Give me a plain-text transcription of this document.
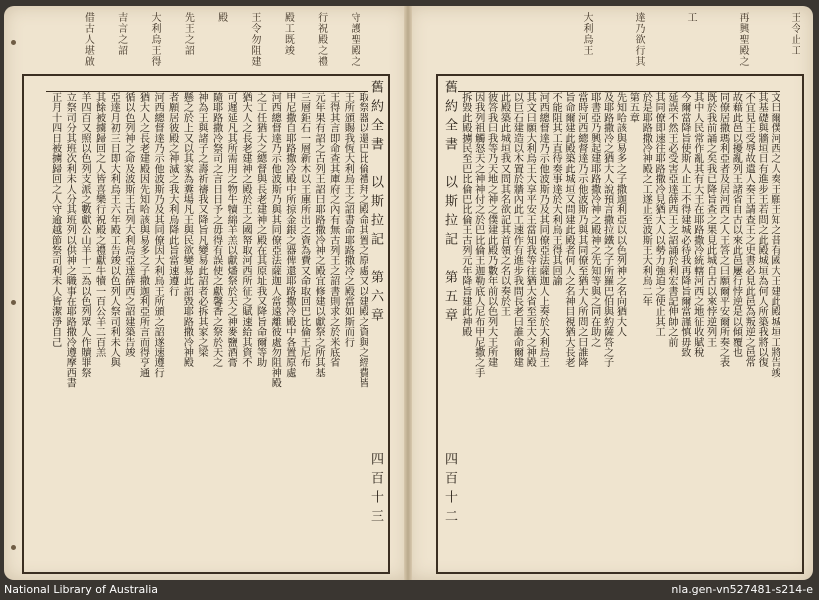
守護聖殿之
行祝殿之禮
殿工既竣
王令勿阻建
殿
先王之詔
大利烏王得
吉言之詔
借古人堪啟
取祭器以還巴比倫禮拜之殿命其置之原處又以建殿之資與之經費皆
王所頒賜我恆大利烏王之詔書命耶路撒冷之殿當如斯而行
王得其言即命查其庫府之內有無古列王之詔書則求之於米底省
元年果有詔之古列王詔曰耶路撒冷神之殿宜修建以獻祭之所其基
三層鉅石一層新木以王庫所出之資為費又命取回巴比倫王尼布
甲尼撒自耶路撒冷殿中所掠金銀之器俾還耶路撒冷殿中各置原處
河西總督達乃示他波斯乃與其同僚亞法薩迦人當遠離彼處勿阻神殿
之工任猶大之總督與長老建神之殿在其原址我又降旨命爾等助
猶大人之長老建神之殿於王之國帑取河西所征之賦速給其資不
可遲延凡其所需用之物牛犢綿羊羔以獻燔祭於天之神麥鹽酒膏
隨耶路撒冷祭司之言日日予之毋得有誤使之獻馨香之祭於天之
神為王與諸子之壽祈禱我又降旨凡變易此詔者必拆其家之梁
懸之於上又以其家為糞場凡王與民欲變易此詔毀耶路撒冷神殿
者願居彼殿之神滅之我大利烏降此旨當速遵行
河西總督達乃示他波斯乃及其同僚因大利烏王所頒之詔遂速遵行
猶大人之長老建殿因先知哈該與易多之子撒迦利亞所言而得亨通
循以色列神之命及波斯王古列大利烏亞達薛西之詔建築告竣
亞達月初三日即大利烏王六年殿工告竣以色列人祭司利未人與
其餘被擄歸回之人皆喜樂行祝殿之禮獻牛犢一百公羊二百羔
羊四百又照以色列支派之數獻公山羊十二為以色列眾人作贖罪祭
立祭司分其班次利未人分其班列以供神之職事在耶路撒冷遵摩西書
正月十四日被擄歸回之人守逾越節祭司利未人皆潔淨自己	舊約全書　以斯拉記　第六章
四百十三
王令止工
再興聖殿之
工
達乃欲行其
大利烏王
文曰爾僕河西之人奏王願王知之昔有國大王建此殿城垣工將告竣
其基礎與牆垣日有進步王若問之此殿城垣為何人所築我將以復
不宜見王受辱故遣人奏王請查王之史書必見此邑為叛逆之邑常
故藉此邑以擾亂列王諸省自古以來此邑屢行悖逆是以傾覆也
同僚居撒瑪利亞者及居河西之人王答之曰願爾平安爾所奏之表
既於我前誦之矣我已降旨查之果見此城自古以來悖逆列王
其中人民常作亂其有大王在耶路撒冷統轄河西之地征收賦稅
今爾當降旨使斯人止工不得建城必待我再降旨爾當謹慎毋致
延誤不然王必受害亞達薛西王之詔誦於利宏書記伸帥之前
其同僚即速往耶路撒冷見猶大人以勢力強迫之使止其工
於是耶路撒冷神殿之工遂止至波斯王大利烏二年
第五章
先知哈該與易多之子撒迦利亞以以色列神之名向猶大人
及耶路撒冷之猶大人說預言撒拉鐵之子所羅巴伯與約薩答之子
耶書亞乃興起建耶路撒冷神之殿神之先知等與之同在助之
當時河西總督達乃示他波斯乃與其同僚至猶大人所問之曰誰降
旨命爾建此殿築此城垣又問建此殿者何人之名神目視猶大長老
不能阻其工直待奏事達於大利烏王得其回諭
河西總督達乃示他波斯乃及其同僚亞法薩迦人上奏於大利烏王
其文曰願大利烏王大享平安王當知我等往猶大省至至大之神殿
以巨石建造以木置於牆內此工速作有進步我問長老曰誰命爾建
此殿築此城垣我又問其名欲記其首領之名以奏於王
彼答我曰我等乃天地之神之僕建此殿乃數年前以色列大王所建
因我列祖觸怒天之神神付之於巴比倫王迦勒底人尼布甲尼撒之手
拆毀此殿擄民至巴比倫巴比倫王古列元年降旨建此神殿
舊約全書　以斯拉記　第五章
四百十二
National Library of Australia	nla.gen-vn527481-s214-e
